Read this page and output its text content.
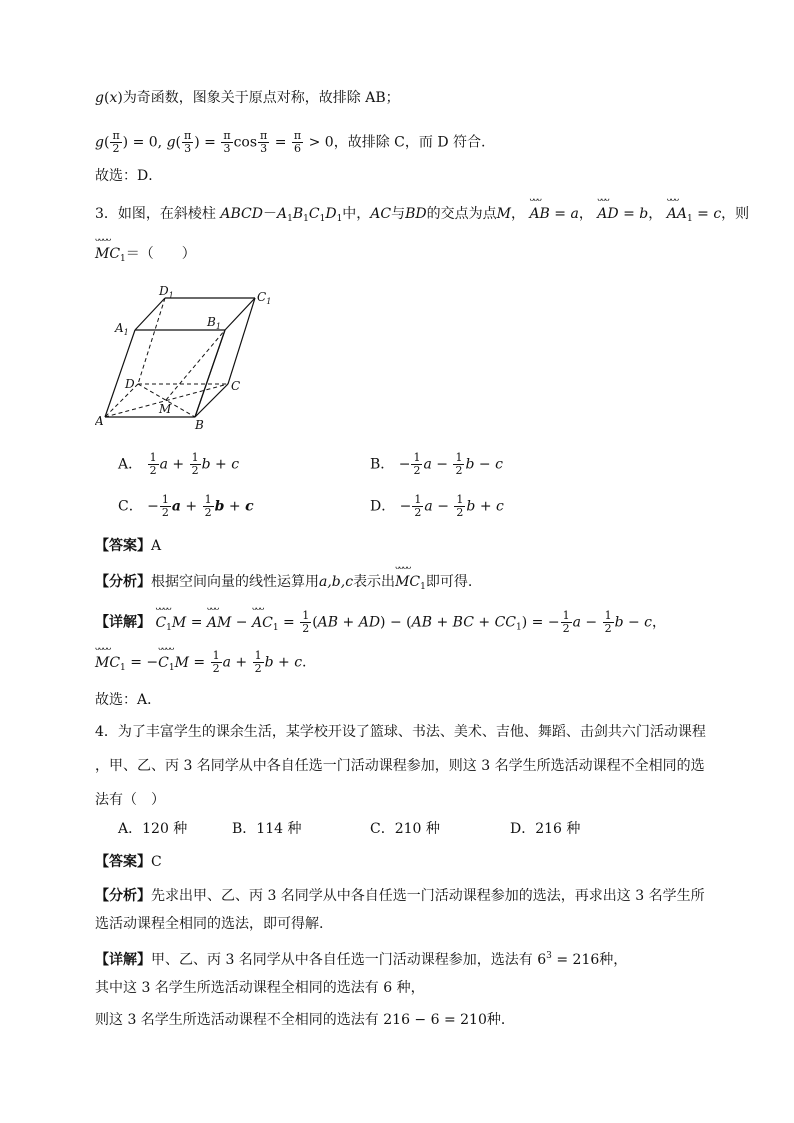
g(x)为奇函数，图象关于原点对称，故排除 AB；
$g( \frac{\pi}{2}$ ) = 0, $g( \frac{\pi}{3}$ ) = $\frac{\pi}{3}$ $\cos \frac{\pi}{3} = \frac{\pi}{6} > 0$，故排除 C，而 D 符合.
故选：D．
3．如图，在斜棱柱 $ABCD-A_1B_1C_1D_1$中，AC与BD的交点为点M，
ᴗᴗᴗ
AB = a，
ᴗᴗᴗ
AD = b，
ᴗᴗᴗ
$AA_1 = c$，则
ᴗᴗᴗᴗ
$MC_1=$（　　）
$D_1$	$C_1$
$A_1$
$B_1$
D	C
M
A	B
A． $\frac{1}{2}$ $a + \frac{1}{2}$ b + c	B． − $\frac{1}{2}$ $a - \frac{1}{2}$ b − c
C． − $\frac{1}{2}$ $a + \frac{1}{2}$ b + c	D． − $\frac{1}{2}$ $a - \frac{1}{2}$ b + c
【答案】A
【分析】根据空间向量的线性运算用a,b,c表示出
ᴗᴗᴗᴗ
$MC_1$即可得.
【详解】
ᴗᴗᴗᴗ
$C_1M$ =
ᴗᴗᴗ
AM −
ᴗᴗᴗ
$AC_1 = \frac{1}{2} (AB + AD) - (AB$ + BC + $CC_1$) = − $\frac{1}{2}$ $a - \frac{1}{2}$ b − c，
ᴗᴗᴗᴗ
$MC_1$ = −
ᴗᴗᴗᴗ
$C_1M = \frac{1}{2}$ $a + \frac{1}{2}$ b + c.
故选：A．
4．为了丰富学生的课余生活，某学校开设了篮球、书法、美术、吉他、舞蹈、击剑共六门活动课程
，甲、乙、丙 3 名同学从中各自任选一门活动课程参加，则这 3 名学生所选活动课程不全相同的选
法有（　）
A．120 种	B．114 种	C．210 种	D．216 种
【答案】C
【分析】先求出甲、乙、丙 3 名同学从中各自任选一门活动课程参加的选法，再求出这 3 名学生所
选活动课程全相同的选法，即可得解.
【详解】甲、乙、丙 3 名同学从中各自任选一门活动课程参加，选法有 $6^3 = 216$种，
其中这 3 名学生所选活动课程全相同的选法有 6 种，
则这 3 名学生所选活动课程不全相同的选法有 216 − 6 = 210种．
